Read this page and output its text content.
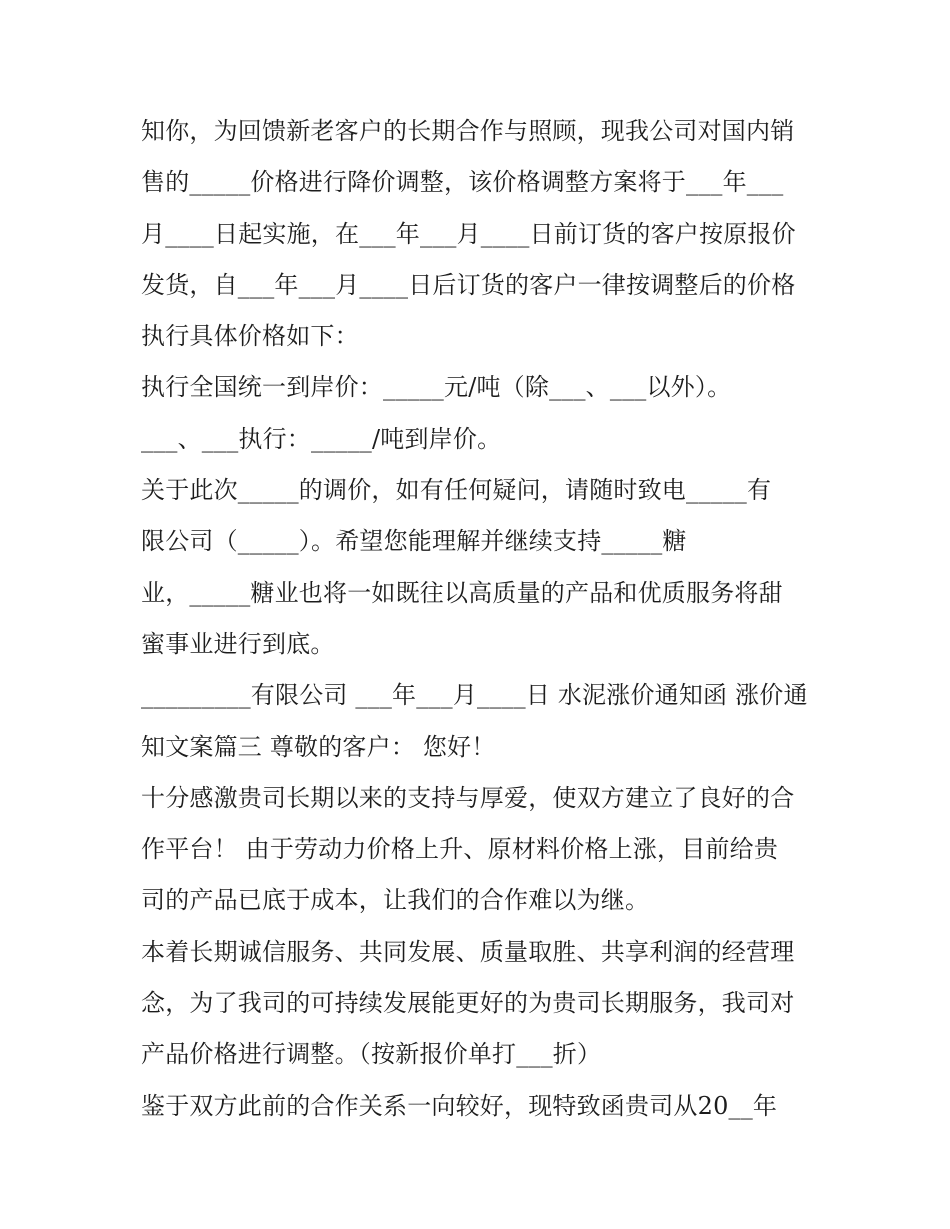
知你，为回馈新老客户的长期合作与照顾，现我公司对国内销
售的_____价格进行降价调整，该价格调整方案将于___年___
月____日起实施，在___年___月____日前订货的客户按原报价
发货，自___年___月____日后订货的客户一律按调整后的价格
执行具体价格如下：
执行全国统一到岸价：_____元/吨（除___、___以外）。
___、___执行：_____/吨到岸价。
关于此次_____的调价，如有任何疑问，请随时致电_____有
限公司（_____）。希望您能理解并继续支持_____糖
业，_____糖业也将一如既往以高质量的产品和优质服务将甜
蜜事业进行到底。
_________有限公司 ___年___月____日 水泥涨价通知函 涨价通
知文案篇三 尊敬的客户： 您好！
十分感激贵司长期以来的支持与厚爱，使双方建立了良好的合
作平台！ 由于劳动力价格上升、原材料价格上涨，目前给贵
司的产品已底于成本，让我们的合作难以为继。
本着长期诚信服务、共同发展、质量取胜、共享利润的经营理
念，为了我司的可持续发展能更好的为贵司长期服务，我司对
产品价格进行调整。（按新报价单打___折）
鉴于双方此前的合作关系一向较好，现特致函贵司从20__年
